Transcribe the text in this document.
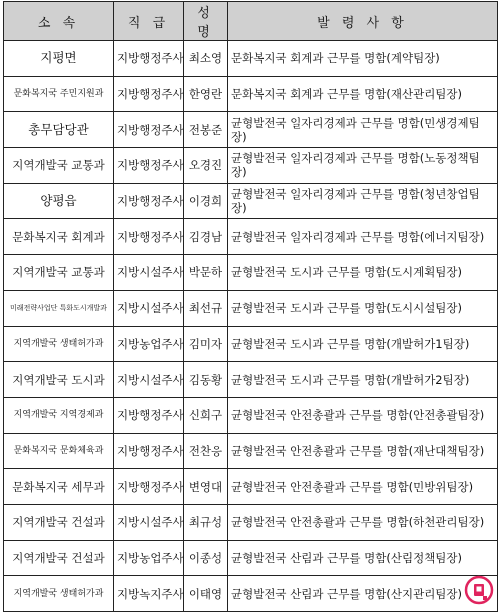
소 속	직 급	성 명	발 령 사 항
지평면	지방행정주사	최소영	문화복지국 회계과 근무를 명함(계약팀장)
문화복지국 주민지원과	지방행정주사	한영란	문화복지국 회계과 근무를 명함(재산관리팀장)
총무담당관	지방행정주사	전봉준	균형발전국 일자리경제과 근무를 명함(민생경제팀장)
지역개발국 교통과	지방행정주사	오경진	균형발전국 일자리경제과 근무를 명함(노동정책팀장)
양평읍	지방행정주사	이경희	균형발전국 일자리경제과 근무를 명함(청년창업팀장)
문화복지국 회계과	지방행정주사	김경남	균형발전국 일자리경제과 근무를 명함(에너지팀장)
지역개발국 교통과	지방시설주사	박문하	균형발전국 도시과 근무를 명함(도시계획팀장)
미래전략사업단 특화도시개발과	지방시설주사	최선규	균형발전국 도시과 근무를 명함(도시시설팀장)
지역개발국 생태허가과	지방농업주사	김미자	균형발전국 도시과 근무를 명함(개발허가1팀장)
지역개발국 도시과	지방시설주사	김동황	균형발전국 도시과 근무를 명함(개발허가2팀장)
지역개발국 지역경제과	지방행정주사	신희구	균형발전국 안전총괄과 근무를 명함(안전총괄팀장)
문화복지국 문화체육과	지방행정주사	전찬응	균형발전국 안전총괄과 근무를 명함(재난대책팀장)
문화복지국 세무과	지방행정주사	변영대	균형발전국 안전총괄과 근무를 명함(민방위팀장)
지역개발국 건설과	지방시설주사	최규성	균형발전국 안전총괄과 근무를 명함(하천관리팀장)
지역개발국 건설과	지방농업주사	이종성	균형발전국 산림과 근무를 명함(산림정책팀장)
지역개발국 생태허가과	지방녹지주사	이태영	균형발전국 산림과 근무를 명함(산지관리팀장)
